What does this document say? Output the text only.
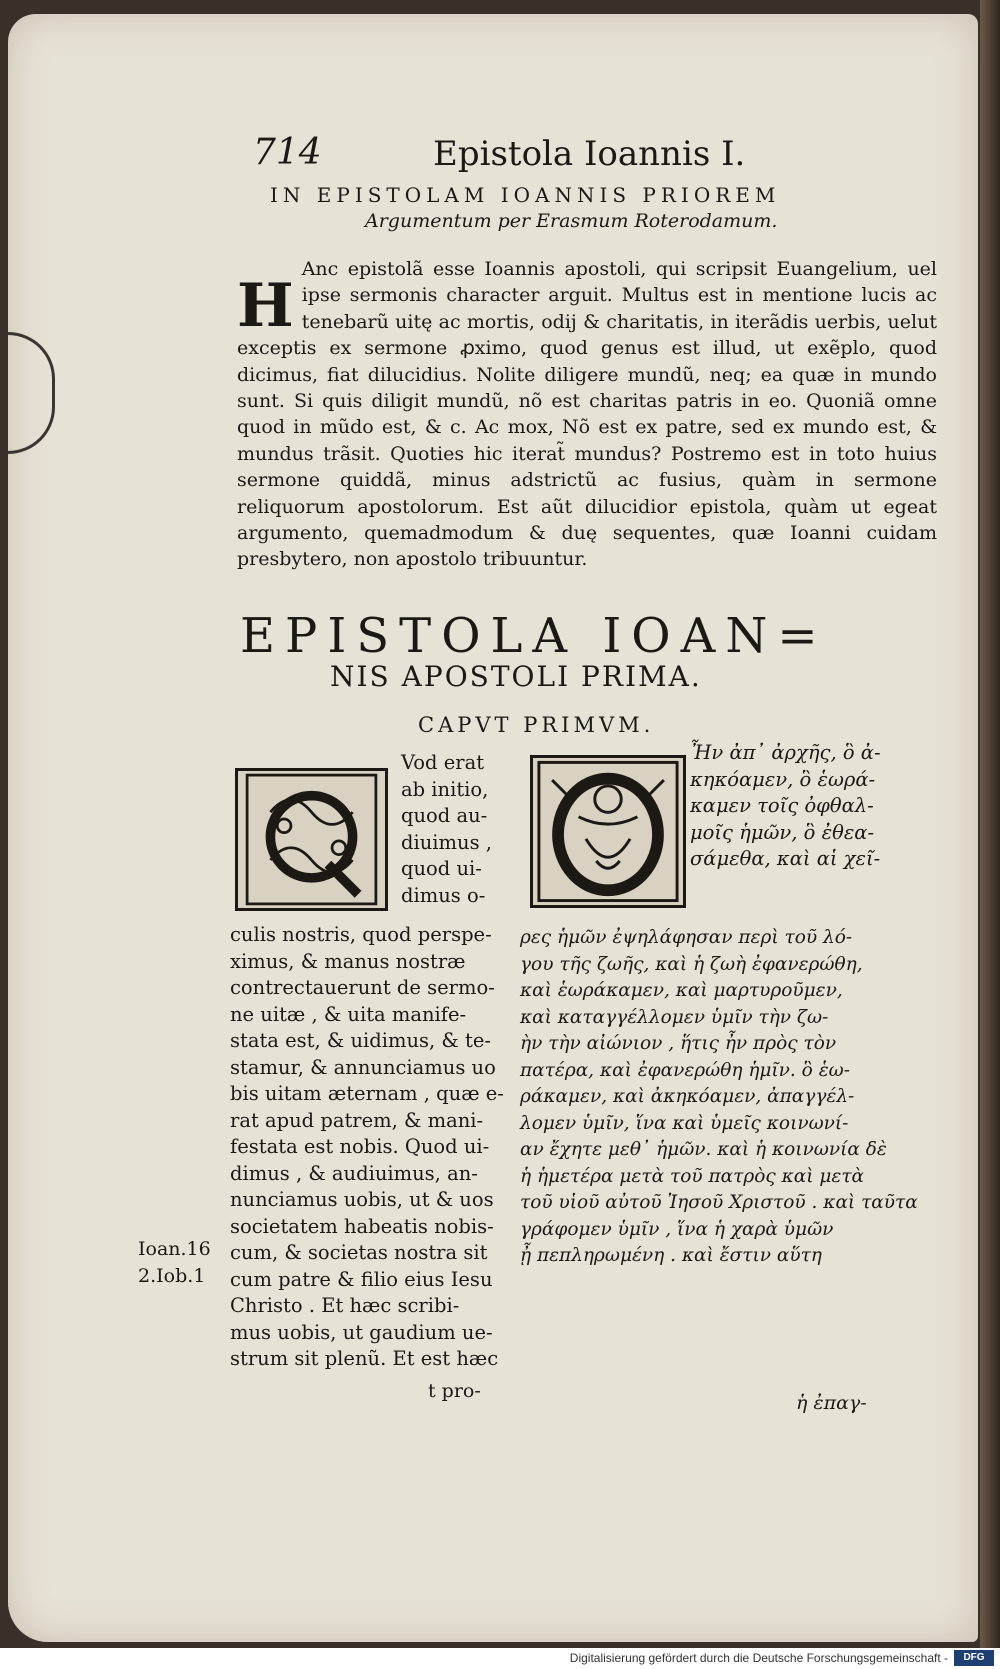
714	Epistola Ioannis I.
IN EPISTOLAM IOANNIS PRIOREM
Argumentum per Erasmum Roterodamum.
H
Anc epistolã esse Ioannis apostoli, qui scripsit Euangelium, uel ipse sermonis character arguit. Multus est in mentione lucis ac tenebarũ uitę ac mortis, odij & charitatis, in iterãdis uerbis, uelut exceptis ex sermone ꝓximo, quod genus est illud, ut exẽplo, quod dicimus, fiat dilucidius. Nolite diligere mundũ, neq; ea quæ in mundo sunt. Si quis diligit mundũ, nõ est charitas patris in eo. Quoniã omne quod in mũdo est, & c. Ac mox, Nõ est ex patre, sed ex mundo est, & mundus trãsit. Quoties hic iterat̃ mundus? Postremo est in toto huius sermone quiddã, minus adstrictũ ac fusius, quàm in sermone reliquorum apostolorum. Est aũt dilucidior epistola, quàm ut egeat argumento, quemadmodum & duę sequentes, quæ Ioanni cuidam presbytero, non apostolo tribuuntur.
EPISTOLA IOAN=
NIS APOSTOLI PRIMA.
CAPVT PRIMVM.
Vod erat
ab initio,
quod au-
diuimus ,
quod ui-
dimus o-
culis nostris, quod perspe-
ximus, & manus nostræ
contrectauerunt de sermo-
ne uitæ , & uita manife-
stata est, & uidimus, & te-
stamur, & annunciamus uo
bis uitam æternam , quæ e-
rat apud patrem, & mani-
festata est nobis. Quod ui-
dimus , & audiuimus, an-
nunciamus uobis, ut & uos
societatem habeatis nobis-
cum, & societas nostra sit
cum patre & filio eius Iesu
Christo . Et hæc scribi-
mus uobis, ut gaudium ue-
strum sit plenũ. Et est hæc
Ioan.16
2.Iob.1
t pro-
Ἦν ἀπ᾽ ἀρχῆς, ὃ ἀ-
κηκόαμεν, ὃ ἑωρά-
καμεν τοῖς ὀφθαλ-
μοῖς ἡμῶν, ὃ ἐθεα-
σάμεθα, καὶ αἱ χεῖ-
ρες ἡμῶν ἐψηλάφησαν περὶ τοῦ λό-
γου τῆς ζωῆς, καὶ ἡ ζωὴ ἐφανερώθη,
καὶ ἑωράκαμεν, καὶ μαρτυροῦμεν,
καὶ καταγγέλλομεν ὑμῖν τὴν ζω-
ὴν τὴν αἰώνιον , ἥτις ἦν πρὸς τὸν
πατέρα, καὶ ἐφανερώθη ἡμῖν. ὃ ἑω-
ράκαμεν, καὶ ἀκηκόαμεν, ἀπαγγέλ-
λομεν ὑμῖν, ἵνα καὶ ὑμεῖς κοινωνί-
αν ἔχητε μεθ᾽ ἡμῶν. καὶ ἡ κοινωνία δὲ
ἡ ἡμετέρα μετὰ τοῦ πατρὸς καὶ μετὰ
τοῦ υἱοῦ αὐτοῦ Ἰησοῦ Χριστοῦ . καὶ ταῦτα
γράφομεν ὑμῖν , ἵνα ἡ χαρὰ ὑμῶν
ᾖ πεπληρωμένη . καὶ ἔστιν αὕτη
ἡ ἐπαγ-
Digitalisierung gefördert durch die Deutsche Forschungsgemeinschaft -	DFG
